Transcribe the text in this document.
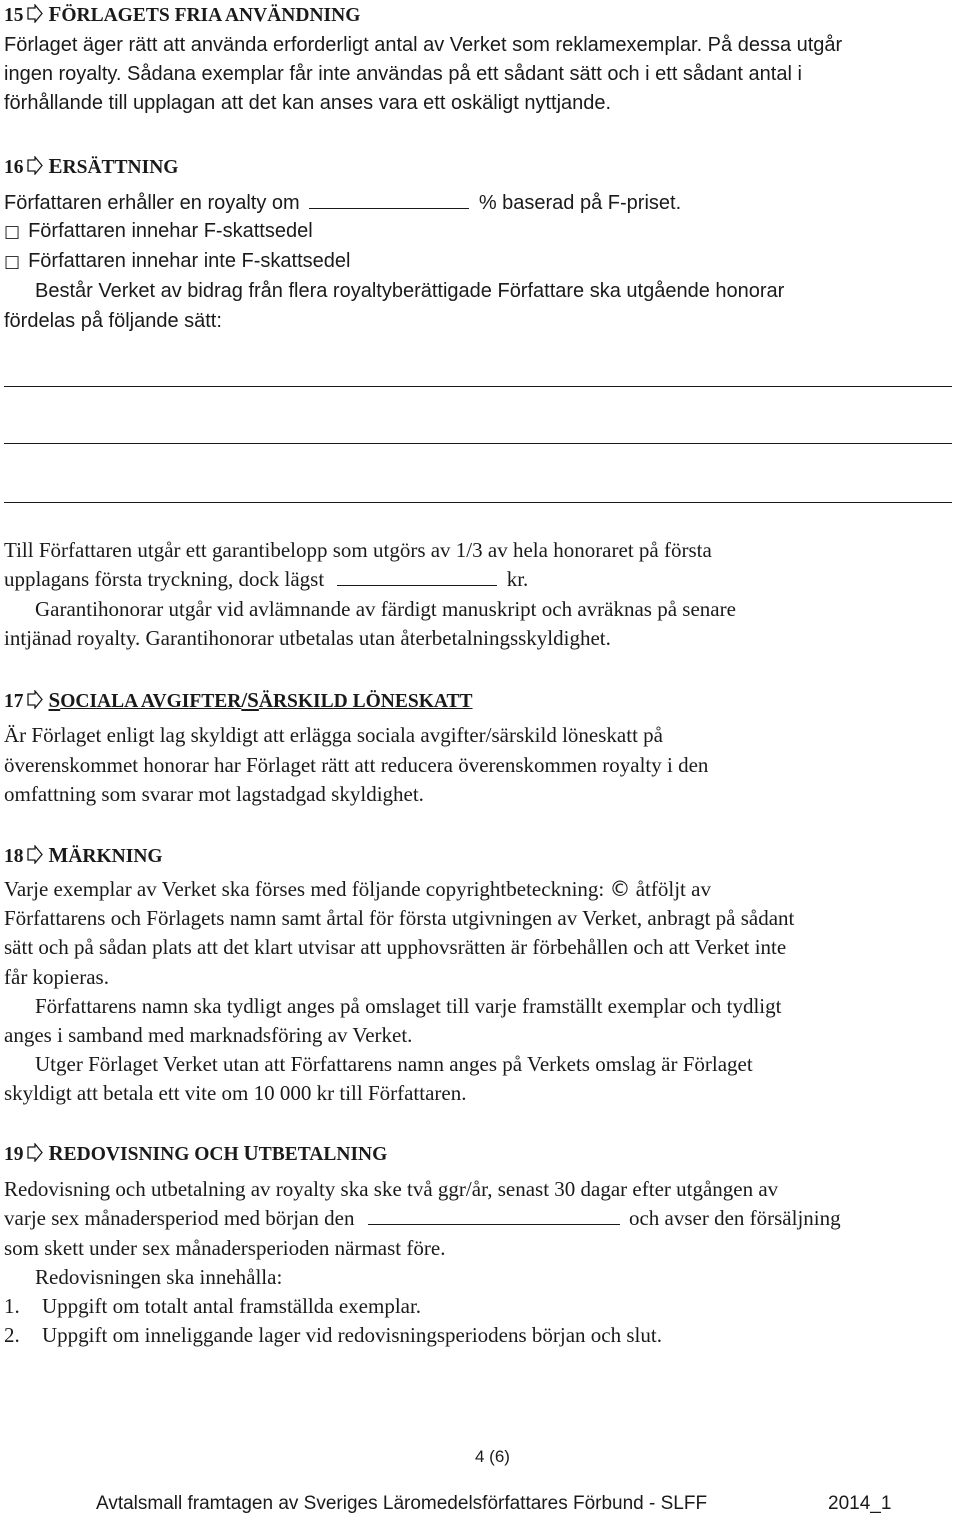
15 FÖRLAGETS FRIA ANVÄNDNING
Förlaget äger rätt att använda erforderligt antal av Verket som reklamexemplar. På dessa utgår
ingen royalty. Sådana exemplar får inte användas på ett sådant sätt och i ett sådant antal i
förhållande till upplagan att det kan anses vara ett oskäligt nyttjande.
16 ERSÄTTNING
Författaren erhåller en royalty om	% baserad på F-priset.
□ Författaren innehar F-skattsedel
□ Författaren innehar inte F-skattsedel
Består Verket av bidrag från flera royaltyberättigade Författare ska utgående honorar
fördelas på följande sätt:
Till Författaren utgår ett garantibelopp som utgörs av 1/3 av hela honoraret på första
upplagans första tryckning, dock lägst	kr.
Garantihonorar utgår vid avlämnande av färdigt manuskript och avräknas på senare
intjänad royalty. Garantihonorar utbetalas utan återbetalningsskyldighet.
17 SOCIALA AVGIFTER/SÄRSKILD LÖNESKATT
Är Förlaget enligt lag skyldigt att erlägga sociala avgifter/särskild löneskatt på
överenskommet honorar har Förlaget rätt att reducera överenskommen royalty i den
omfattning som svarar mot lagstadgad skyldighet.
18 MÄRKNING
Varje exemplar av Verket ska förses med följande copyrightbeteckning: © åtföljt av
Författarens och Förlagets namn samt årtal för första utgivningen av Verket, anbragt på sådant
sätt och på sådan plats att det klart utvisar att upphovsrätten är förbehållen och att Verket inte
får kopieras.
Författarens namn ska tydligt anges på omslaget till varje framställt exemplar och tydligt
anges i samband med marknadsföring av Verket.
Utger Förlaget Verket utan att Författarens namn anges på Verkets omslag är Förlaget
skyldigt att betala ett vite om 10 000 kr till Författaren.
19 REDOVISNING OCH UTBETALNING
Redovisning och utbetalning av royalty ska ske två ggr/år, senast 30 dagar efter utgången av
varje sex månadersperiod med början den	och avser den försäljning
som skett under sex månadersperioden närmast före.
Redovisningen ska innehålla:
1. Uppgift om totalt antal framställda exemplar.
2. Uppgift om inneliggande lager vid redovisningsperiodens början och slut.
4 (6)
Avtalsmall framtagen av Sveriges Läromedelsförfattares Förbund - SLFF	2014_1
